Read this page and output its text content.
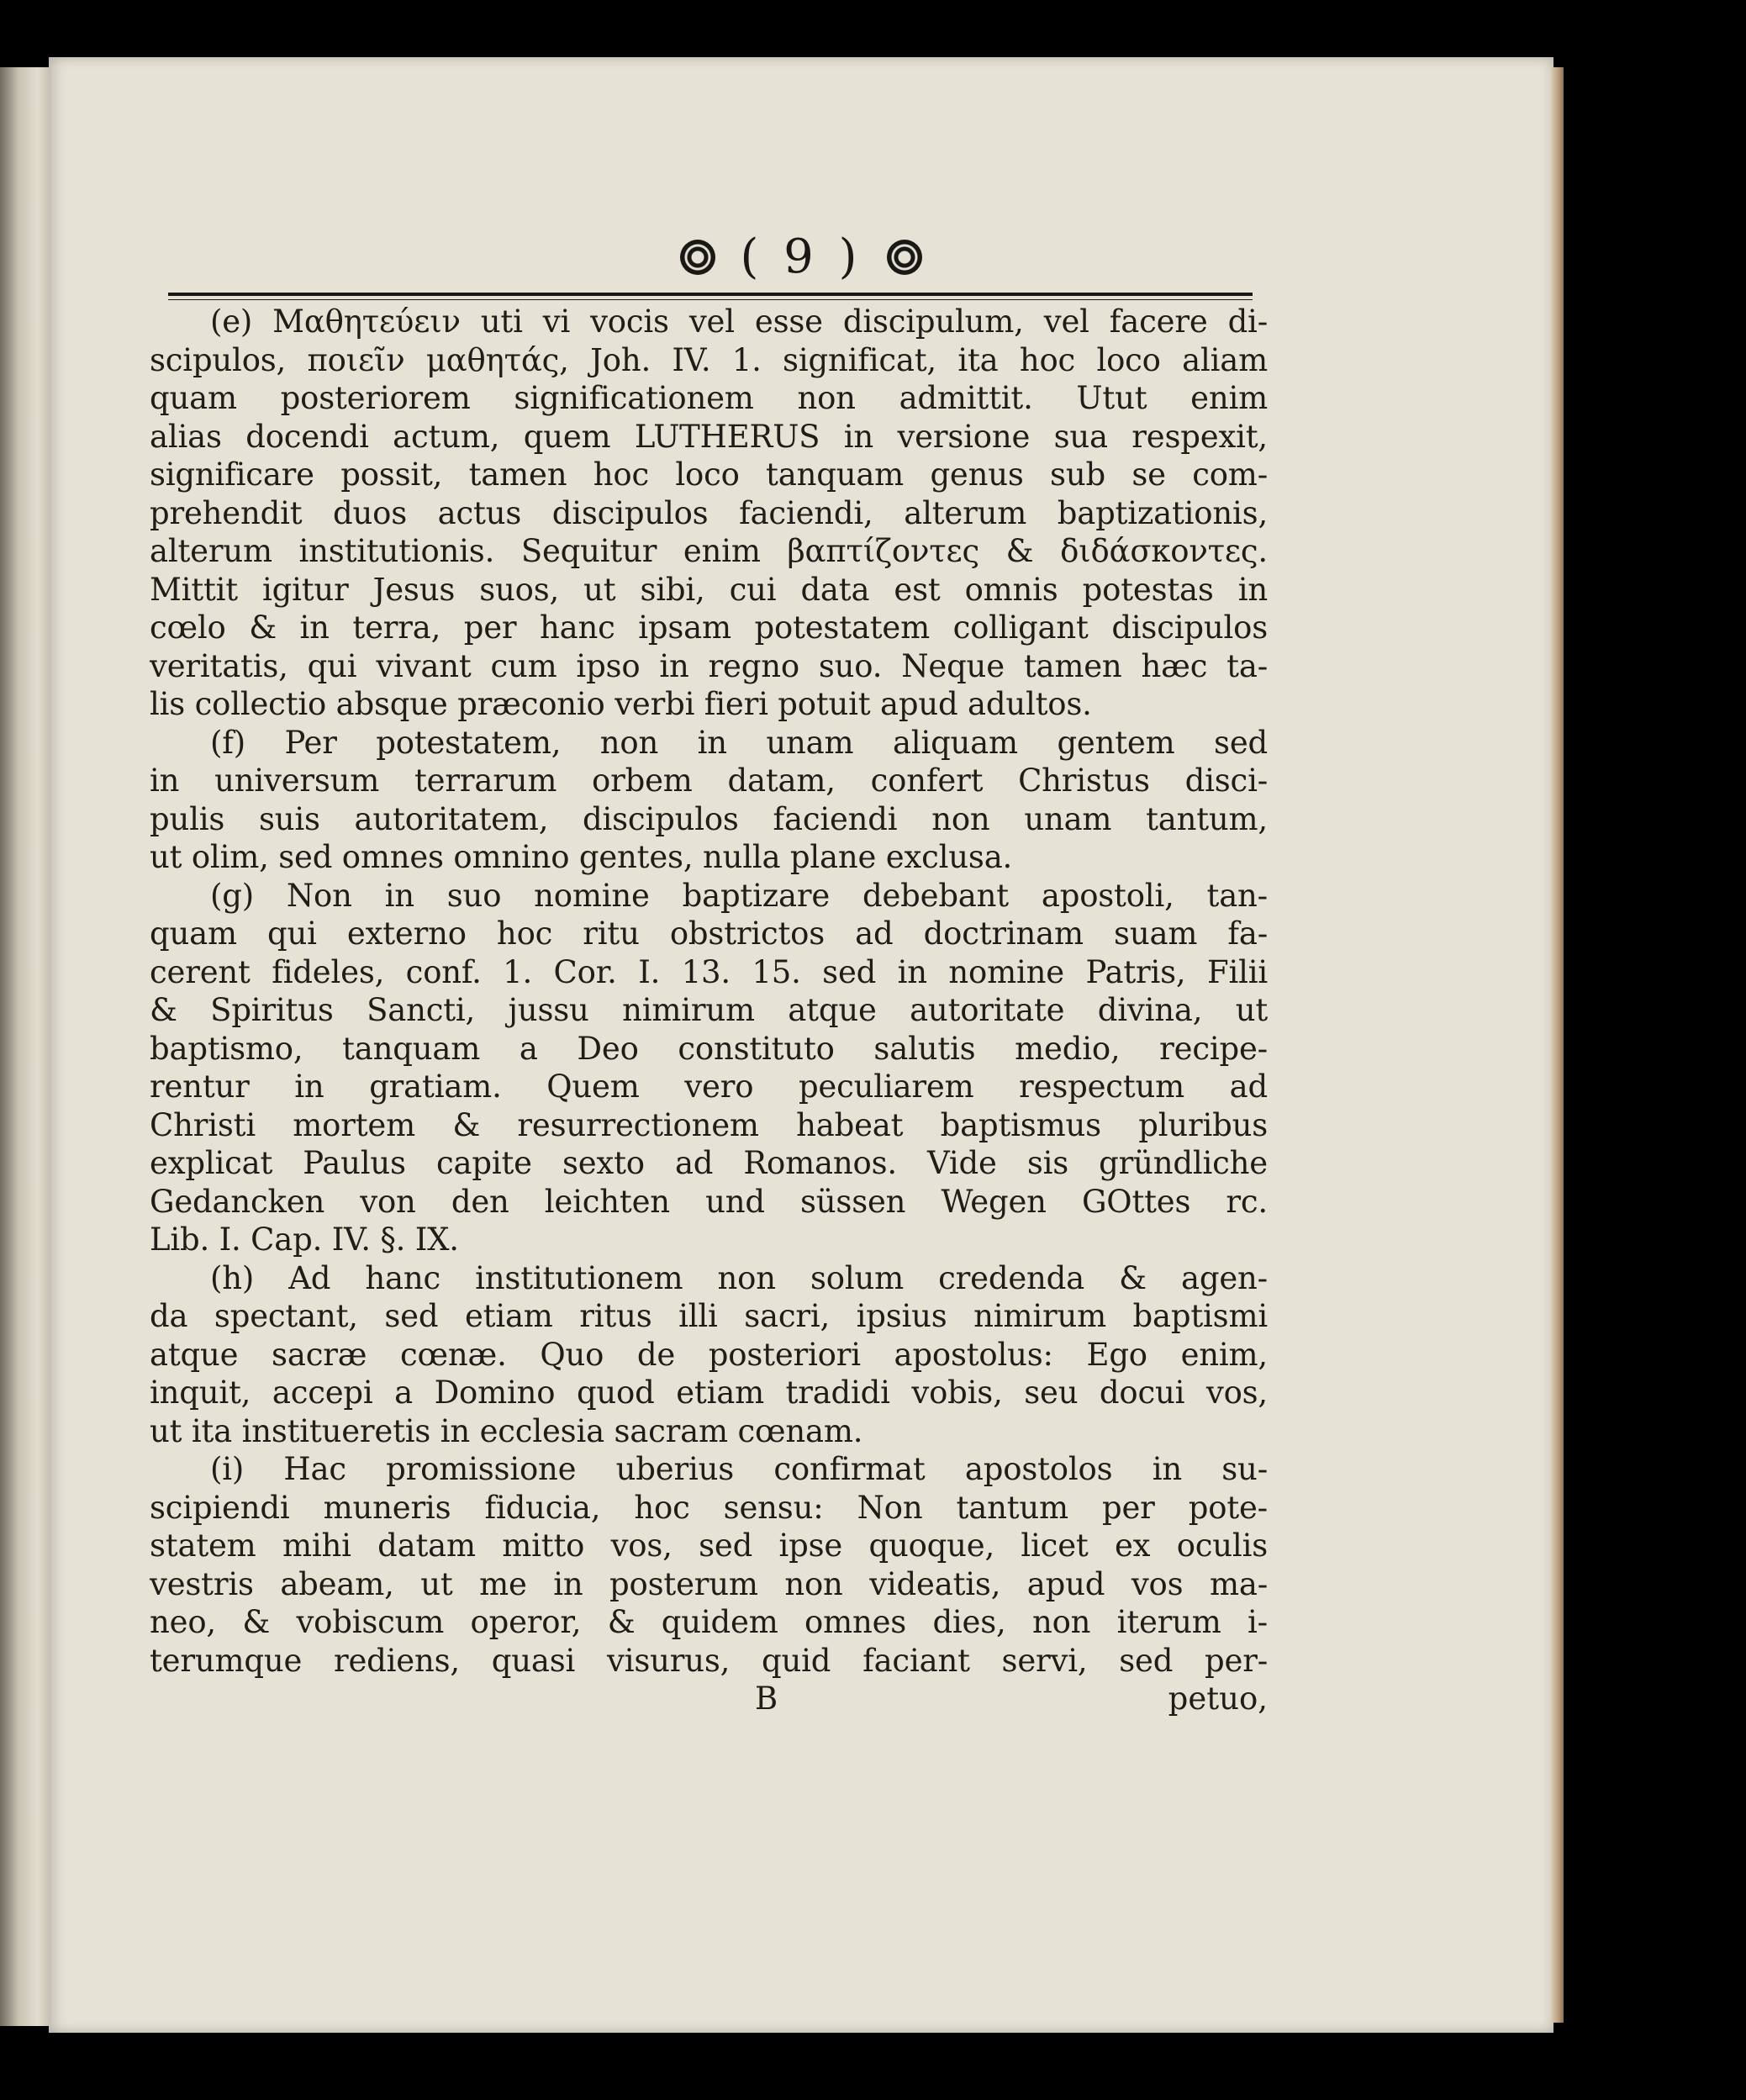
( 9 )
(e) Μαθητεύειν uti vi vocis vel esse discipulum, vel facere di-
scipulos, ποιεῖν μαθητάς, Joh. IV. 1. significat, ita hoc loco aliam
quam posteriorem significationem non admittit. Utut enim
alias docendi actum, quem LUTHERUS in versione sua respexit,
significare possit, tamen hoc loco tanquam genus sub se com-
prehendit duos actus discipulos faciendi, alterum baptizationis,
alterum institutionis. Sequitur enim βαπτίζοντες & διδάσκοντες.
Mittit igitur Jesus suos, ut sibi, cui data est omnis potestas in
cœlo & in terra, per hanc ipsam potestatem colligant discipulos
veritatis, qui vivant cum ipso in regno suo. Neque tamen hæc ta-
lis collectio absque præconio verbi fieri potuit apud adultos.
(f) Per potestatem, non in unam aliquam gentem sed
in universum terrarum orbem datam, confert Christus disci-
pulis suis autoritatem, discipulos faciendi non unam tantum,
ut olim, sed omnes omnino gentes, nulla plane exclusa.
(g) Non in suo nomine baptizare debebant apostoli, tan-
quam qui externo hoc ritu obstrictos ad doctrinam suam fa-
cerent fideles, conf. 1. Cor. I. 13. 15. sed in nomine Patris, Filii
& Spiritus Sancti, jussu nimirum atque autoritate divina, ut
baptismo, tanquam a Deo constituto salutis medio, recipe-
rentur in gratiam. Quem vero peculiarem respectum ad
Christi mortem & resurrectionem habeat baptismus pluribus
explicat Paulus capite sexto ad Romanos. Vide sis gründliche
Gedancken von den leichten und süssen Wegen GOttes rc.
Lib. I. Cap. IV. §. IX.
(h) Ad hanc institutionem non solum credenda & agen-
da spectant, sed etiam ritus illi sacri, ipsius nimirum baptismi
atque sacræ cœnæ. Quo de posteriori apostolus: Ego enim,
inquit, accepi a Domino quod etiam tradidi vobis, seu docui vos,
ut ita institueretis in ecclesia sacram cœnam.
(i) Hac promissione uberius confirmat apostolos in su-
scipiendi muneris fiducia, hoc sensu: Non tantum per pote-
statem mihi datam mitto vos, sed ipse quoque, licet ex oculis
vestris abeam, ut me in posterum non videatis, apud vos ma-
neo, & vobiscum operor, & quidem omnes dies, non iterum i-
terumque rediens, quasi visurus, quid faciant servi, sed per-
B	petuo,
